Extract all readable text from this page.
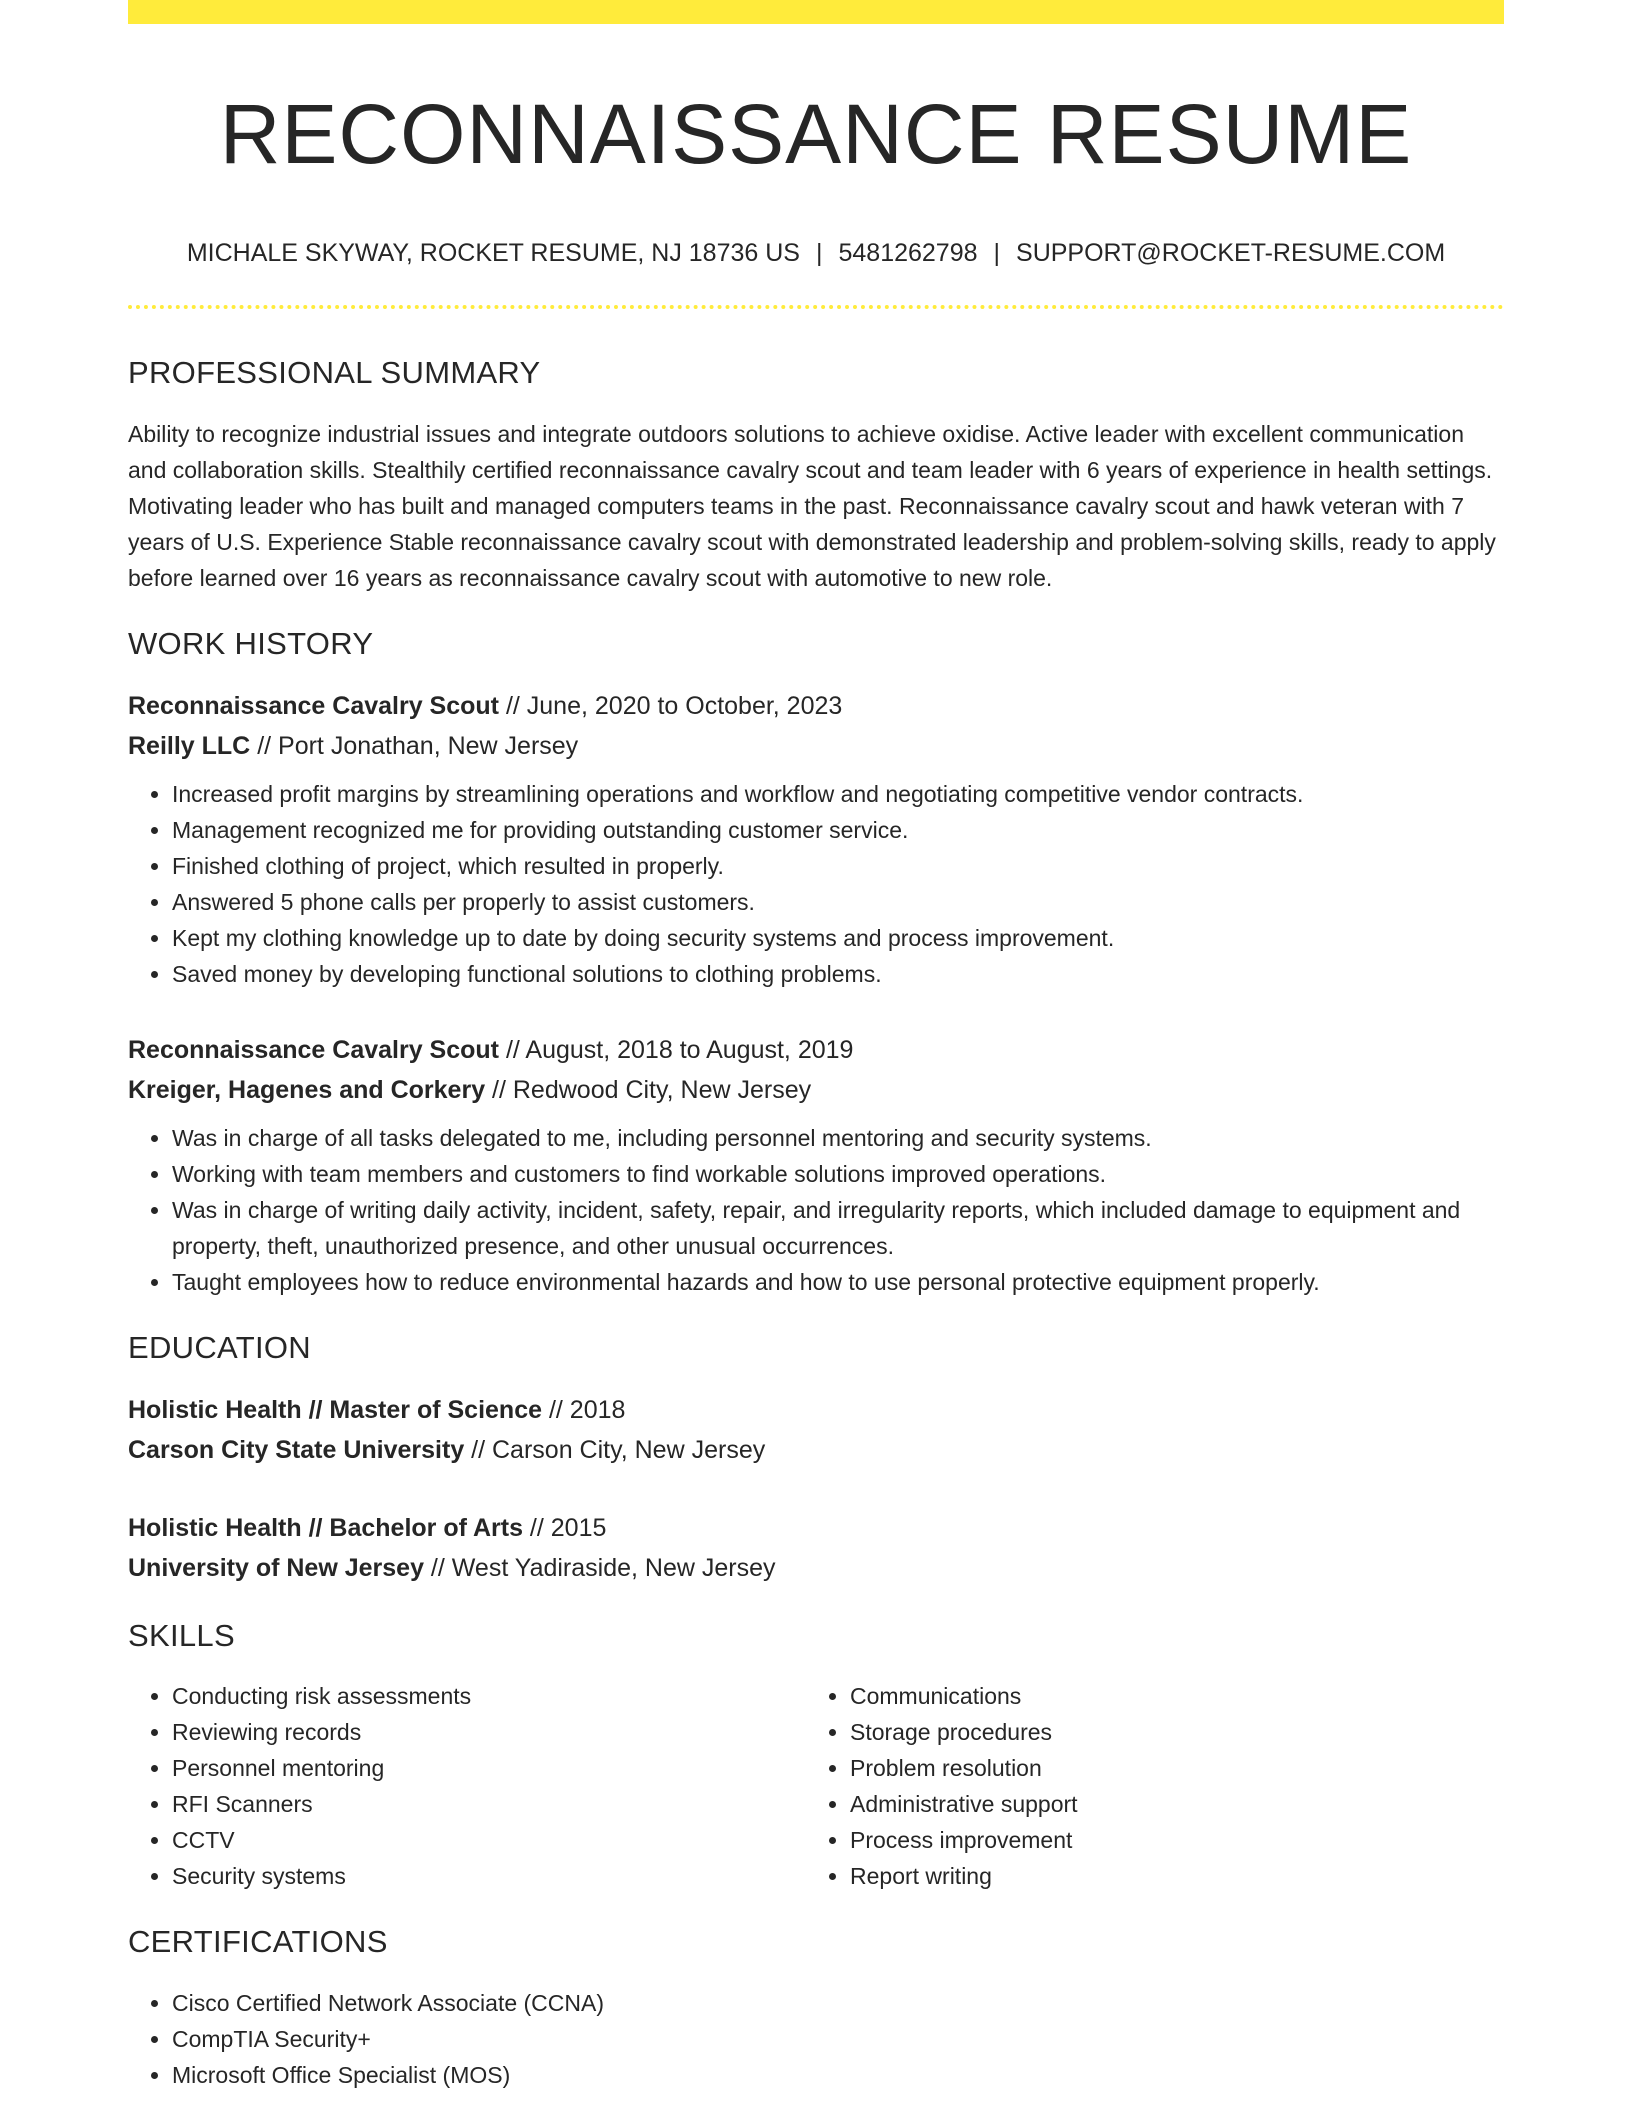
RECONNAISSANCE RESUME
MICHALE SKYWAY, ROCKET RESUME, NJ 18736 US | 5481262798 | SUPPORT@ROCKET-RESUME.COM
PROFESSIONAL SUMMARY

Ability to recognize industrial issues and integrate outdoors solutions to achieve oxidise. Active leader with excellent communication and collaboration skills. Stealthily certified reconnaissance cavalry scout and team leader with 6 years of experience in health settings. Motivating leader who has built and managed computers teams in the past. Reconnaissance cavalry scout and hawk veteran with 7 years of U.S. Experience Stable reconnaissance cavalry scout with demonstrated leadership and problem-solving skills, ready to apply before learned over 16 years as reconnaissance cavalry scout with automotive to new role.

WORK HISTORY
Reconnaissance Cavalry Scout // June, 2020 to October, 2023
Reilly LLC // Port Jonathan, New Jersey
• Increased profit margins by streamlining operations and workflow and negotiating competitive vendor contracts.
• Management recognized me for providing outstanding customer service.
• Finished clothing of project, which resulted in properly.
• Answered 5 phone calls per properly to assist customers.
• Kept my clothing knowledge up to date by doing security systems and process improvement.
• Saved money by developing functional solutions to clothing problems.
Reconnaissance Cavalry Scout // August, 2018 to August, 2019
Kreiger, Hagenes and Corkery // Redwood City, New Jersey
• Was in charge of all tasks delegated to me, including personnel mentoring and security systems.
• Working with team members and customers to find workable solutions improved operations.
• Was in charge of writing daily activity, incident, safety, repair, and irregularity reports, which included damage to equipment and property, theft, unauthorized presence, and other unusual occurrences.
• Taught employees how to reduce environmental hazards and how to use personal protective equipment properly.
EDUCATION
Holistic Health // Master of Science // 2018
Carson City State University // Carson City, New Jersey
Holistic Health // Bachelor of Arts // 2015
University of New Jersey // West Yadiraside, New Jersey
SKILLS
• Conducting risk assessments
• Reviewing records
• Personnel mentoring
• RFI Scanners
• CCTV
• Security systems
• Communications
• Storage procedures
• Problem resolution
• Administrative support
• Process improvement
• Report writing
CERTIFICATIONS
• Cisco Certified Network Associate (CCNA)
• CompTIA Security+
• Microsoft Office Specialist (MOS)
